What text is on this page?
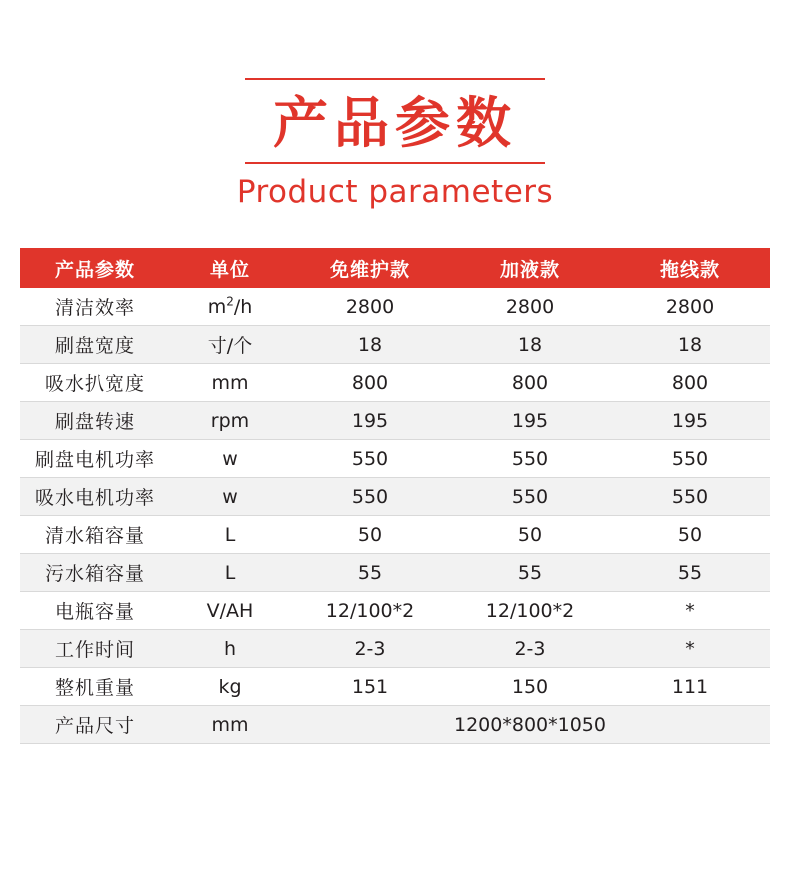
产品参数
Product parameters
产品参数	单位	免维护款	加液款	拖线款
清洁效率	$m^2/h$	2800	2800	2800
刷盘宽度	寸/个	18	18	18
吸水扒宽度	mm	800	800	800
刷盘转速	rpm	195	195	195
刷盘电机功率	w	550	550	550
吸水电机功率	w	550	550	550
清水箱容量	L	50	50	50
污水箱容量	L	55	55	55
电瓶容量	V/AH	12/100*2	12/100*2	*
工作时间	h	2-3	2-3	*
整机重量	kg	151	150	111
产品尺寸	mm	1200*800*1050		
